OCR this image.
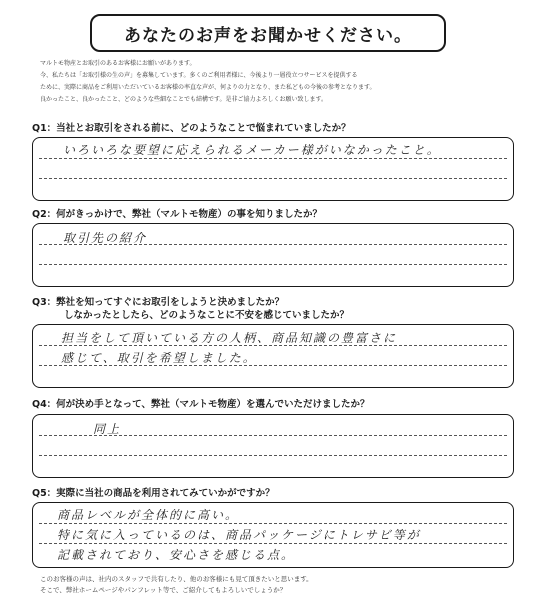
あなたのお声をお聞かせください。
マルトモ物産とお取引のあるお客様にお願いがあります。
今、私たちは「お取引様の生の声」を募集しています。多くのご利用者様に、今後より一層役立つサービスを提供する
ために、実際に商品をご利用いただいているお客様の率直な声が、何よりの力となり、また私どもの今後の参考となります。
良かったこと、良かったこと、どのような些細なことでも結構です。是非ご協力よろしくお願い致します。
Q1：当社とお取引をされる前に、どのようなことで悩まれていましたか？
いろいろな要望に応えられるメーカー様がいなかったこと。
Q2：何がきっかけで、弊社（マルトモ物産）の事を知りましたか？
取引先の紹介
Q3：弊社を知ってすぐにお取引をしようと決めましたか？
しなかったとしたら、どのようなことに不安を感じていましたか？
担当をして頂いている方の人柄、商品知識の豊富さに
感じて、取引を希望しました。
Q4：何が決め手となって、弊社（マルトモ物産）を選んでいただけましたか？
同上
Q5：実際に当社の商品を利用されてみていかがですか？
商品レベルが全体的に高い。
特に気に入っているのは、商品パッケージにトレサビ等が
記載されており、安心さを感じる点。
このお客様の声は、社内のスタッフで共有したり、他のお客様にも見て頂きたいと思います。
そこで、弊社ホームページやパンフレット等で、ご紹介してもよろしいでしょうか？
